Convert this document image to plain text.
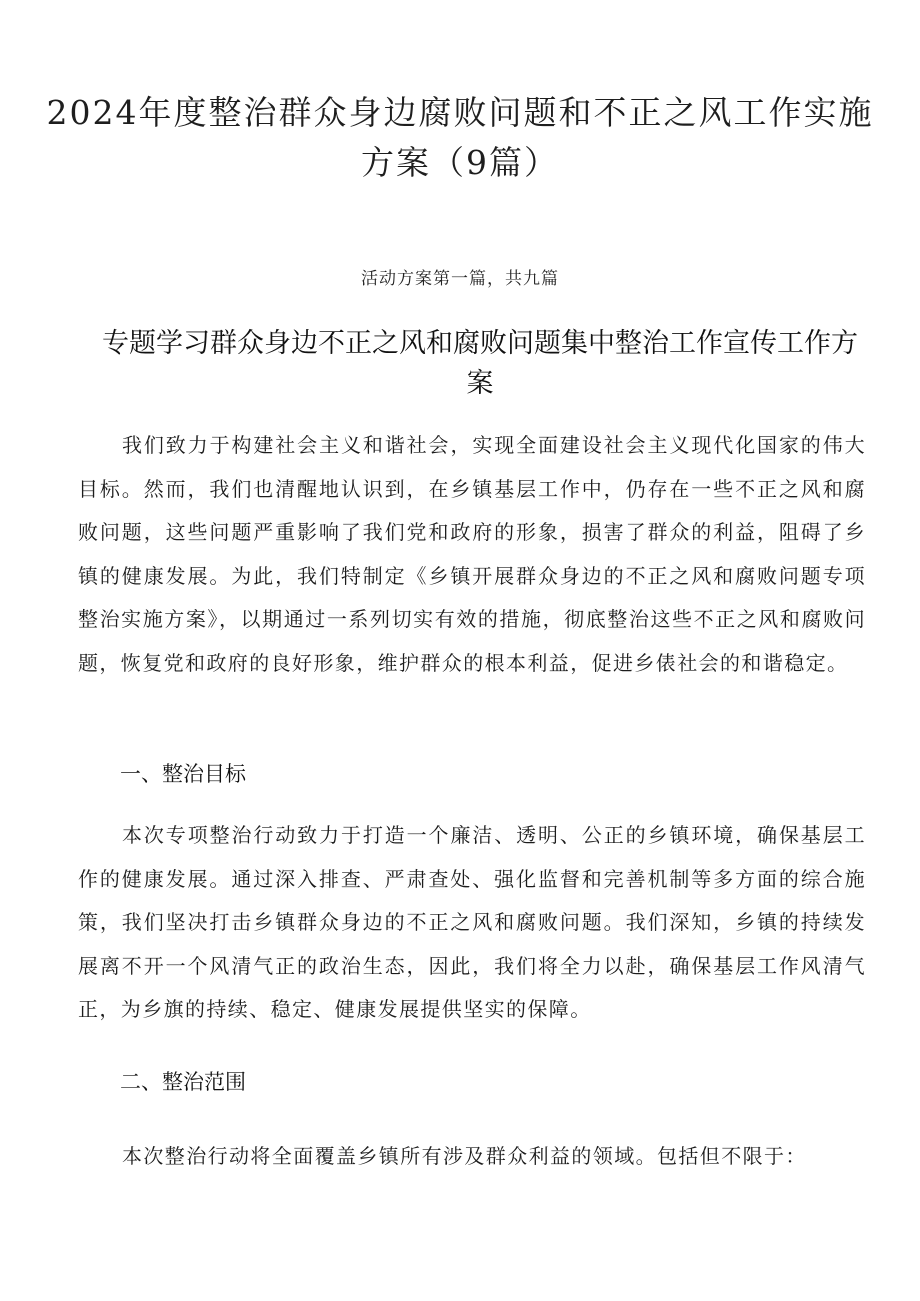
2024年度整治群众身边腐败问题和不正之风工作实施方案（9篇）
活动方案第一篇，共九篇
专题学习群众身边不正之风和腐败问题集中整治工作宣传工作方案

我们致力于构建社会主义和谐社会，实现全面建设社会主义现代化国家的伟大目标。然而，我们也清醒地认识到，在乡镇基层工作中，仍存在一些不正之风和腐败问题，这些问题严重影响了我们党和政府的形象，损害了群众的利益，阻碍了乡镇的健康发展。为此，我们特制定《乡镇开展群众身边的不正之风和腐败问题专项整治实施方案》，以期通过一系列切实有效的措施，彻底整治这些不正之风和腐败问题，恢复党和政府的良好形象，维护群众的根本利益，促进乡俵社会的和谐稳定。

一、整治目标

本次专项整治行动致力于打造一个廉洁、透明、公正的乡镇环境，确保基层工作的健康发展。通过深入排查、严肃查处、强化监督和完善机制等多方面的综合施策，我们坚决打击乡镇群众身边的不正之风和腐败问题。我们深知，乡镇的持续发展离不开一个风清气正的政治生态，因此，我们将全力以赴，确保基层工作风清气正，为乡旗的持续、稳定、健康发展提供坚实的保障。

二、整治范围

本次整治行动将全面覆盖乡镇所有涉及群众利益的领域。包括但不限于：
